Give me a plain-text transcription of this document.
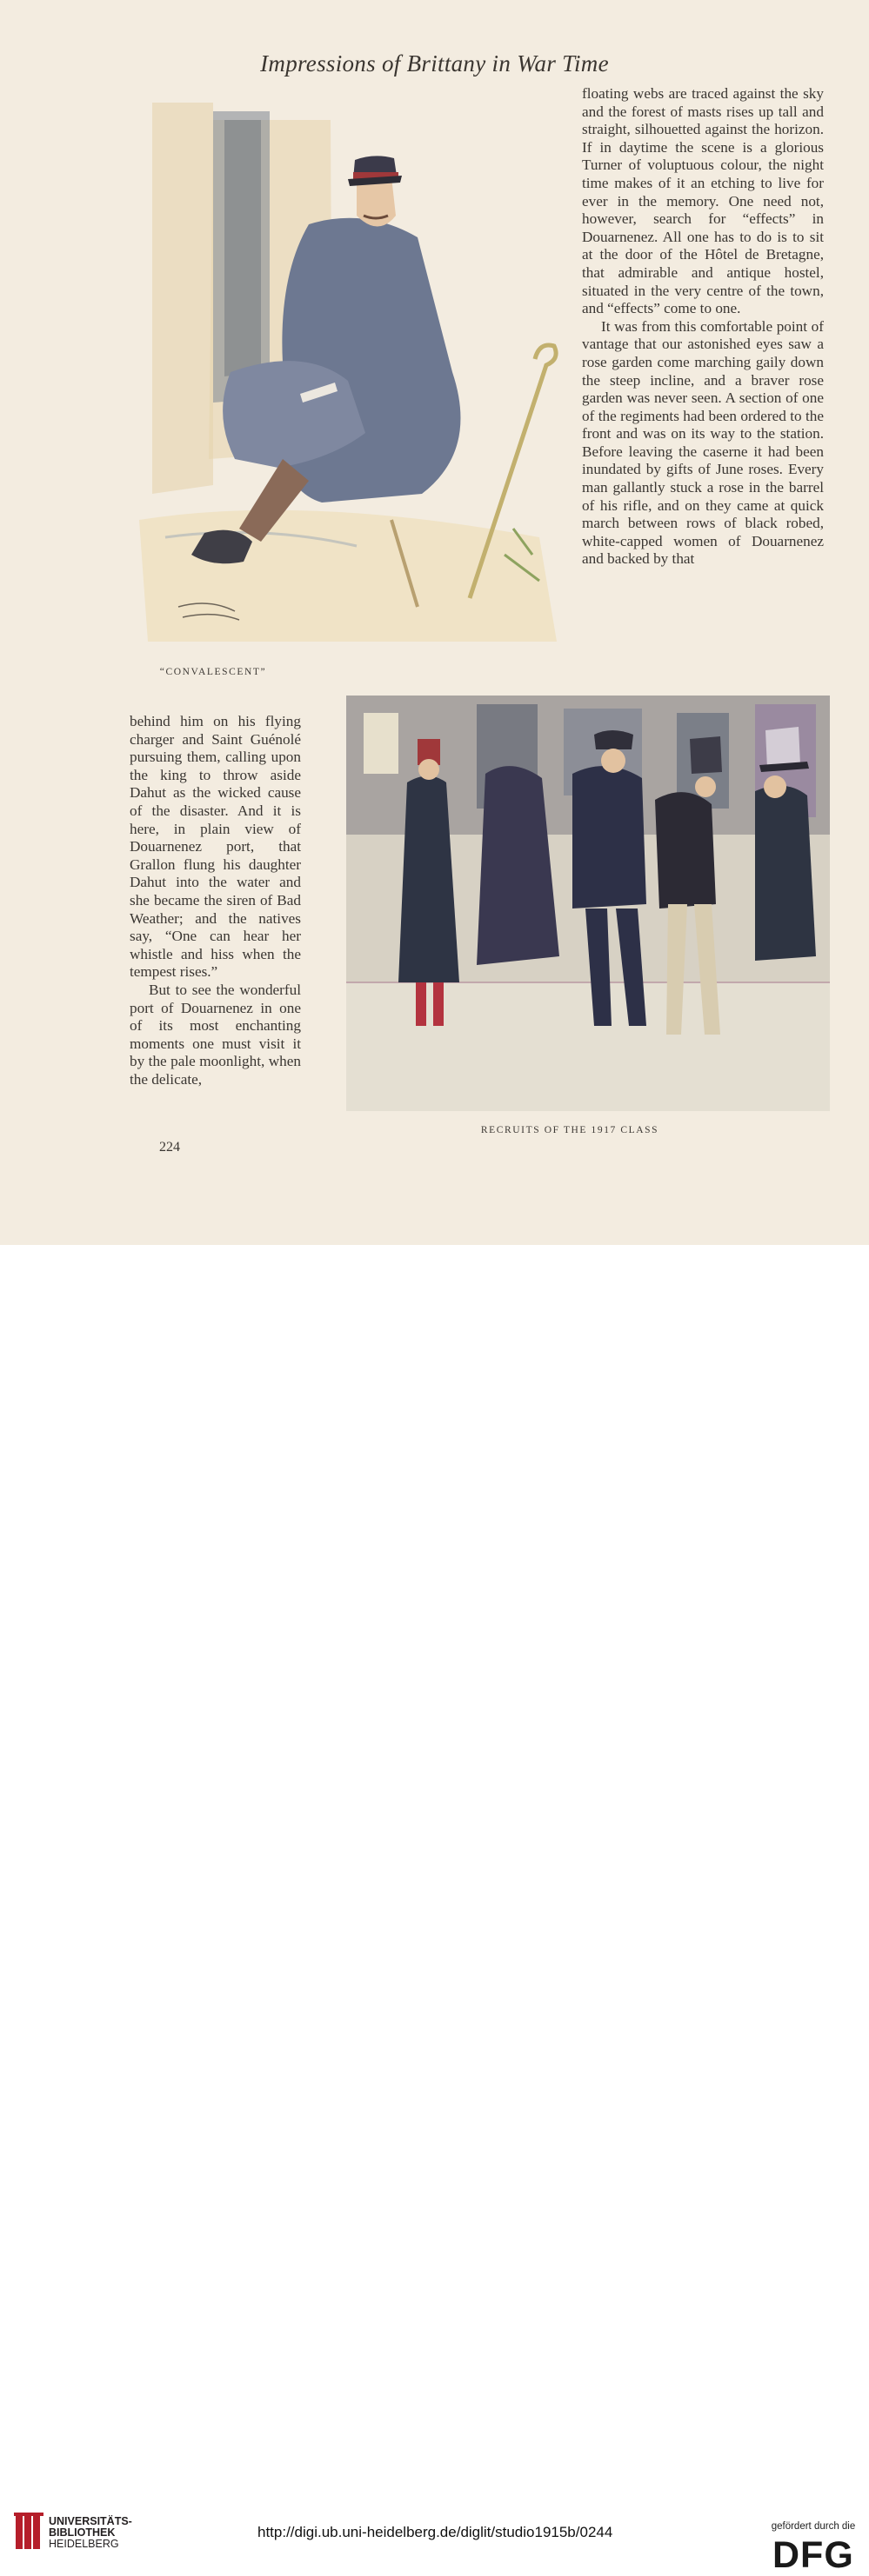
Impressions of Brittany in War Time
“CONVALESCENT”
RECRUITS OF THE 1917 CLASS

floating webs are traced against the sky and the forest of masts rises up tall and straight, silhouetted against the horizon. If in daytime the scene is a glorious Turner of voluptuous colour, the night time makes of it an etching to live for ever in the memory. One need not, however, search for “effects” in Douarnenez. All one has to do is to sit at the door of the Hôtel de Bretagne, that admirable and antique hostel, situated in the very centre of the town, and “effects” come to one.

It was from this comfortable point of vantage that our astonished eyes saw a rose garden come marching gaily down the steep incline, and a braver rose garden was never seen. A section of one of the regiments had been ordered to the front and was on its way to the station. Before leaving the caserne it had been inundated by gifts of June roses. Every man gallantly stuck a rose in the barrel of his rifle, and on they came at quick march between rows of black robed, white-capped women of Douarnenez and backed by that

behind him on his flying charger and Saint Guénolé pursuing them, calling upon the king to throw aside Dahut as the wicked cause of the disaster. And it is here, in plain view of Douarnenez port, that Grallon flung his daughter Dahut into the water and she became the siren of Bad Weather; and the natives say, “One can hear her whistle and hiss when the tempest rises.”

But to see the wonderful port of Douarnenez in one of its most enchanting moments one must visit it by the pale moonlight, when the delicate,

224
UNIVERSITÄTS-
BIBLIOTHEK
HEIDELBERG
http://digi.ub.uni-heidelberg.de/diglit/studio1915b/0244	gefördert durch die
DFG
